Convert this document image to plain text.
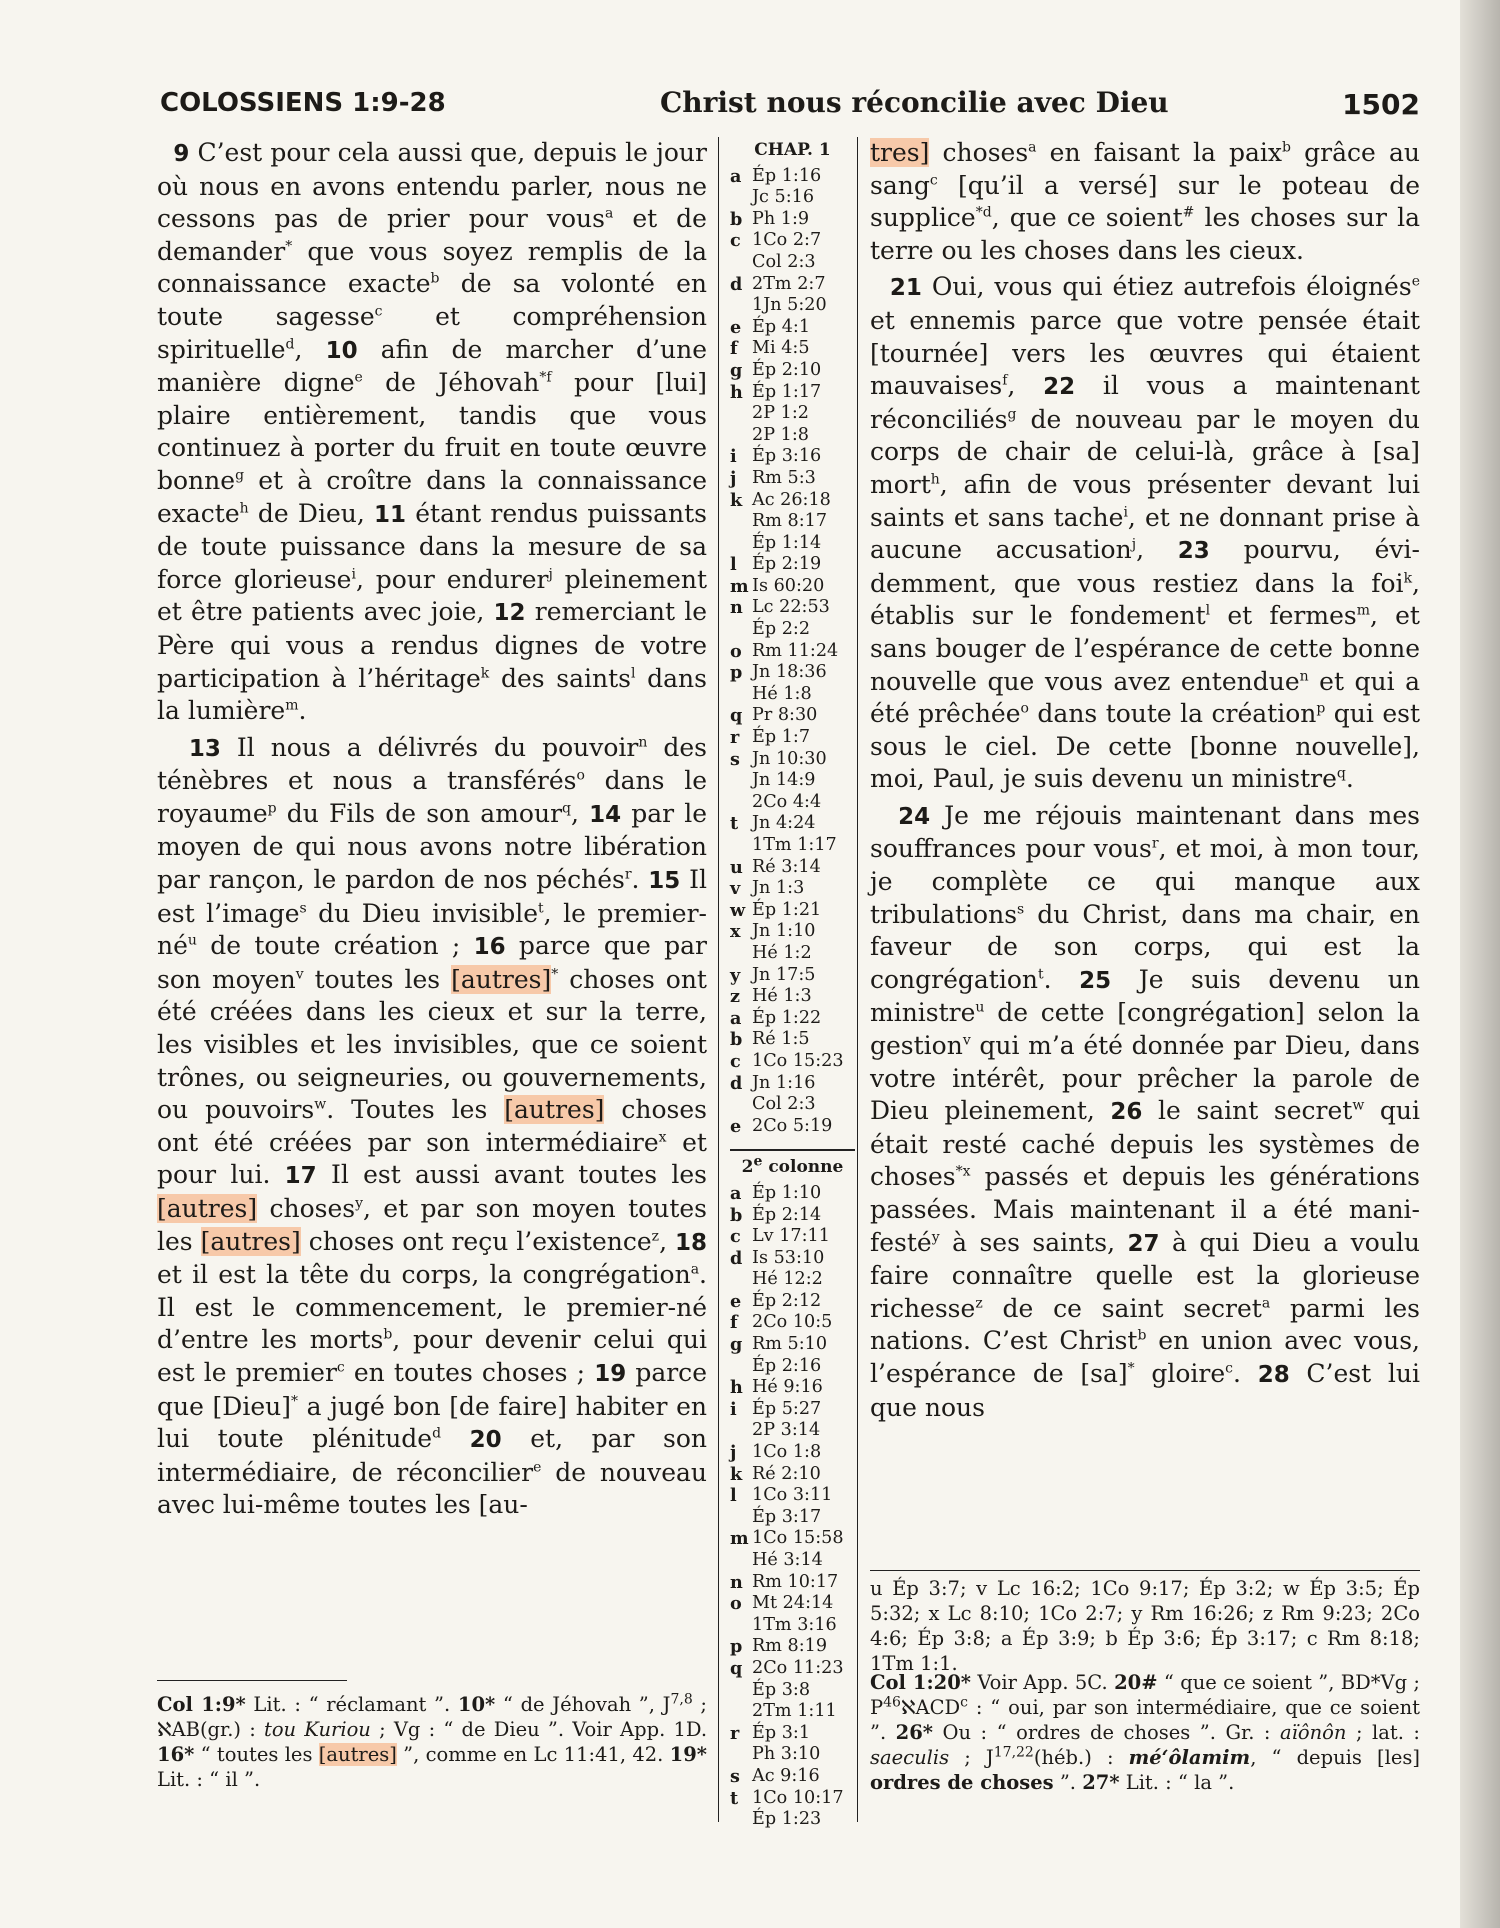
COLOSSIENS 1:9-28	Christ nous réconcilie avec Dieu	1502

9 C’est pour cela aussi que, depuis le jour où nous en avons entendu parler, nous ne cessons pas de prier pour vous$^a$ et de demander* que vous soyez remplis de la connaissance exacte$^b$ de sa volonté en toute sagesse$^c$ et compréhension spirituelle$^d$, 10 afin de marcher d’une manière digne$^e$ de Jéhovah$^{*f}$ pour [lui] plaire entièrement, tandis que vous continuez à porter du fruit en toute œuvre bonne$^g$ et à croître dans la connaissance exacte$^h$ de Dieu, 11 étant rendus puissants de toute puissance dans la mesure de sa force glorieuse$^i$, pour endurer$^j$ pleinement et être patients avec joie, 12 remerciant le Père qui vous a rendus dignes de votre participation à l’héritage$^k$ des saints$^l$ dans la lumière$^m$.

13 Il nous a délivrés du pouvoir$^n$ des ténèbres et nous a transférés$^o$ dans le royaume$^p$ du Fils de son amour$^q$, 14 par le moyen de qui nous avons notre libération par rançon, le pardon de nos péchés$^r$. 15 Il est l’image$^s$ du Dieu invisible$^t$, le premier-$né^u$ de toute création ; 16 parce que par son moyen$^v$ toutes les [autres]* choses ont été créées dans les cieux et sur la terre, les visibles et les invisibles, que ce soient trônes, ou seigneuries, ou gouvernements, ou pouvoirs$^w$. Toutes les [autres] choses ont été créées par son intermédiaire$^x$ et pour lui. 17 Il est aussi avant toutes les [autres] choses$^y$, et par son moyen toutes les [autres] choses ont reçu l’existence$^z$, 18 et il est la tête du corps, la congrégation$^a$. Il est le commencement, le premier-né d’entre les morts$^b$, pour devenir celui qui est le premier$^c$ en toutes choses ; 19 parce que [Dieu]* a jugé bon [de faire] habiter en lui toute plénitude$^d$ 20 et, par son intermédiaire, de réconcilier$^e$ de nouveau avec lui-même toutes les [au-

Col 1:9* Lit. : “ réclamant ”. 10* “ de Jéhovah ”, J$^{7,8}$ ; ℵAB(gr.) : tou Kuriou ; Vg : “ de Dieu ”. Voir App. 1D. 16* “ toutes les [autres] ”, comme en Lc 11:41, 42. 19* Lit. : “ il ”.
CHAP. 1
a Ép 1:16
Jc 5:16
b Ph 1:9
c 1Co 2:7
Col 2:3
d 2Tm 2:7
1Jn 5:20
e Ép 4:1
f Mi 4:5
g Ép 2:10
h Ép 1:17
2P 1:2
2P 1:8
i Ép 3:16
j Rm 5:3
k Ac 26:18
Rm 8:17
Ép 1:14
l Ép 2:19
m Is 60:20
n Lc 22:53
Ép 2:2
o Rm 11:24
p Jn 18:36
Hé 1:8
q Pr 8:30
r Ép 1:7
s Jn 10:30
Jn 14:9
2Co 4:4
t Jn 4:24
1Tm 1:17
u Ré 3:14
v Jn 1:3
w Ép 1:21
x Jn 1:10
Hé 1:2
y Jn 17:5
z Hé 1:3
a Ép 1:22
b Ré 1:5
c 1Co 15:23
d Jn 1:16
Col 2:3
e 2Co 5:19
2e colonne
a Ép 1:10
b Ép 2:14
c Lv 17:11
d Is 53:10
Hé 12:2
e Ép 2:12
f 2Co 10:5
g Rm 5:10
Ép 2:16
h Hé 9:16
i Ép 5:27
2P 3:14
j 1Co 1:8
k Ré 2:10
l 1Co 3:11
Ép 3:17
m 1Co 15:58
Hé 3:14
n Rm 10:17
o Mt 24:14
1Tm 3:16
p Rm 8:19
q 2Co 11:23
Ép 3:8
2Tm 1:11
r Ép 3:1
Ph 3:10
s Ac 9:16
t 1Co 10:17
Ép 1:23

tres] choses$^a$ en faisant la paix$^b$ grâce au sang$^c$ [qu’il a versé] sur le poteau de supplice$^{*d}$, que ce soient# les choses sur la terre ou les choses dans les cieux.

21 Oui, vous qui étiez autrefois éloignés$^e$ et ennemis parce que votre pensée était [tournée] vers les œuvres qui étaient mauvaises$^f$, 22 il vous a maintenant réconciliés$^g$ de nouveau par le moyen du corps de chair de celui-là, grâce à [sa] mort$^h$, afin de vous présenter devant lui saints et sans tache$^i$, et ne donnant prise à aucune accusation$^j$, 23 pourvu, évidemment, que vous restiez dans la foi$^k$, établis sur le fondement$^l$ et fermes$^m$, et sans bouger de l’espérance de cette bonne nouvelle que vous avez entendue$^n$ et qui a été prêchée$^o$ dans toute la création$^p$ qui est sous le ciel. De cette [bonne nouvelle], moi, Paul, je suis devenu un ministre$^q$.

24 Je me réjouis maintenant dans mes souffrances pour vous$^r$, et moi, à mon tour, je complète ce qui manque aux tribulations$^s$ du Christ, dans ma chair, en faveur de son corps, qui est la congrégation$^t$. 25 Je suis devenu un ministre$^u$ de cette [congrégation] selon la gestion$^v$ qui m’a été donnée par Dieu, dans votre intérêt, pour prêcher la parole de Dieu pleinement, 26 le saint secret$^w$ qui était resté caché depuis les systèmes de choses$^{*x}$ passés et depuis les générations passées. Mais maintenant il a été manifesté$^y$ à ses saints, 27 à qui Dieu a voulu faire connaître quelle est la glorieuse richesse$^z$ de ce saint secret$^a$ parmi les nations. C’est Christ$^b$ en union avec vous, l’espérance de [sa]* gloire$^c$. 28 C’est lui que nous

u Ép 3:7; v Lc 16:2; 1Co 9:17; Ép 3:2; w Ép 3:5; Ép 5:32; x Lc 8:10; 1Co 2:7; y Rm 16:26; z Rm 9:23; 2Co 4:6; Ép 3:8; a Ép 3:9; b Ép 3:6; Ép 3:17; c Rm 8:18; 1Tm 1:1.
Col 1:20* Voir App. 5C. 20# “ que ce soient ”, BD*Vg ; $P^{46}ℵACD^c$ : “ oui, par son intermédiaire, que ce soient ”. 26* Ou : “ ordres de choses ”. Gr. : aïônôn ; lat. : saeculis ; J$^{17,22}$(héb.) : mé‘ôlamim, “ depuis [les] ordres de choses ”. 27* Lit. : “ la ”.
